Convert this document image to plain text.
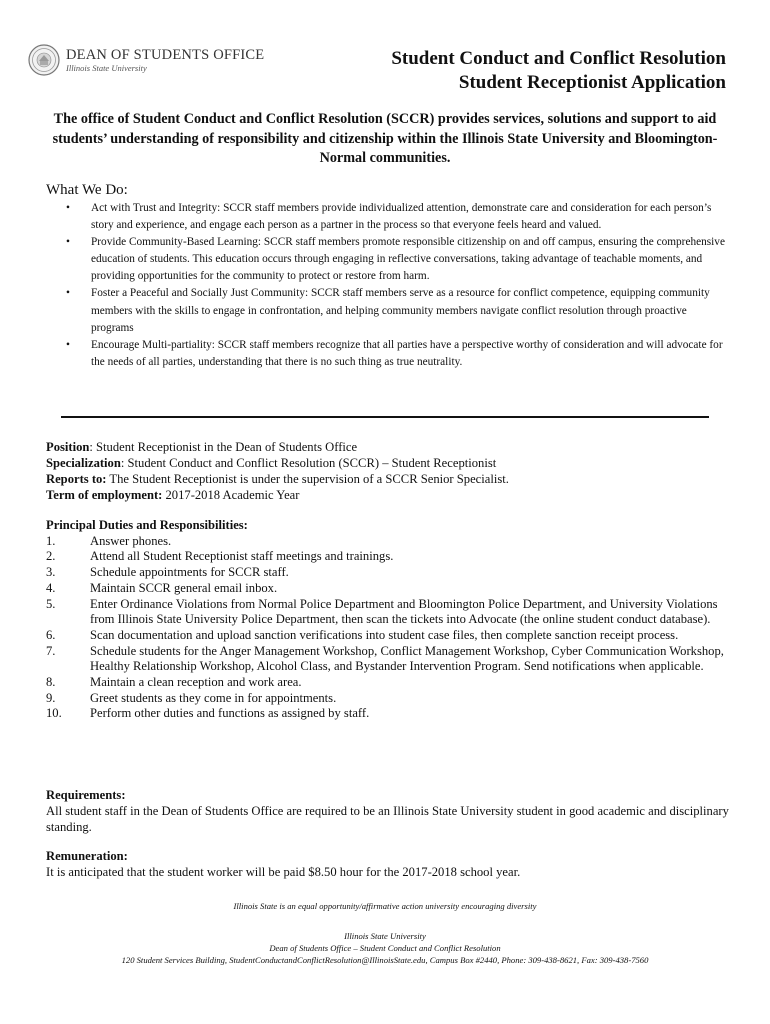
DEAN OF STUDENTS OFFICE
Illinois State University	Student Conduct and Conflict Resolution
Student Receptionist Application
The office of Student Conduct and Conflict Resolution (SCCR) provides services, solutions and support to aid students’ understanding of responsibility and citizenship within the Illinois State University and Bloomington-Normal communities.
What We Do:
• Act with Trust and Integrity: SCCR staff members provide individualized attention, demonstrate care and consideration for each person’s story and experience, and engage each person as a partner in the process so that everyone feels heard and valued.
• Provide Community-Based Learning: SCCR staff members promote responsible citizenship on and off campus, ensuring the comprehensive education of students. This education occurs through engaging in reflective conversations, taking advantage of teachable moments, and providing opportunities for the community to protect or restore from harm.
• Foster a Peaceful and Socially Just Community: SCCR staff members serve as a resource for conflict competence, equipping community members with the skills to engage in confrontation, and helping community members navigate conflict resolution through proactive programs
• Encourage Multi-partiality: SCCR staff members recognize that all parties have a perspective worthy of consideration and will advocate for the needs of all parties, understanding that there is no such thing as true neutrality.
Position: Student Receptionist in the Dean of Students Office
Specialization: Student Conduct and Conflict Resolution (SCCR) – Student Receptionist
Reports to: The Student Receptionist is under the supervision of a SCCR Senior Specialist.
Term of employment: 2017-2018 Academic Year
Principal Duties and Responsibilities:
1.	Answer phones.
2.	Attend all Student Receptionist staff meetings and trainings.
3.	Schedule appointments for SCCR staff.
4.	Maintain SCCR general email inbox.
5.	Enter Ordinance Violations from Normal Police Department and Bloomington Police Department, and University Violations from Illinois State University Police Department, then scan the tickets into Advocate (the online student conduct database).
6.	Scan documentation and upload sanction verifications into student case files, then complete sanction receipt process.
7.	Schedule students for the Anger Management Workshop, Conflict Management Workshop, Cyber Communication Workshop, Healthy Relationship Workshop, Alcohol Class, and Bystander Intervention Program. Send notifications when applicable.
8.	Maintain a clean reception and work area.
9.	Greet students as they come in for appointments.
10. Perform other duties and functions as assigned by staff.
Requirements:
All student staff in the Dean of Students Office are required to be an Illinois State University student in good academic and disciplinary standing.
Remuneration:
It is anticipated that the student worker will be paid $8.50 hour for the 2017-2018 school year.
Illinois State is an equal opportunity/affirmative action university encouraging diversity
Illinois State University
Dean of Students Office – Student Conduct and Conflict Resolution
120 Student Services Building, StudentConductandConflictResolution@IllinoisState.edu, Campus Box #2440, Phone: 309-438-8621, Fax: 309-438-7560
